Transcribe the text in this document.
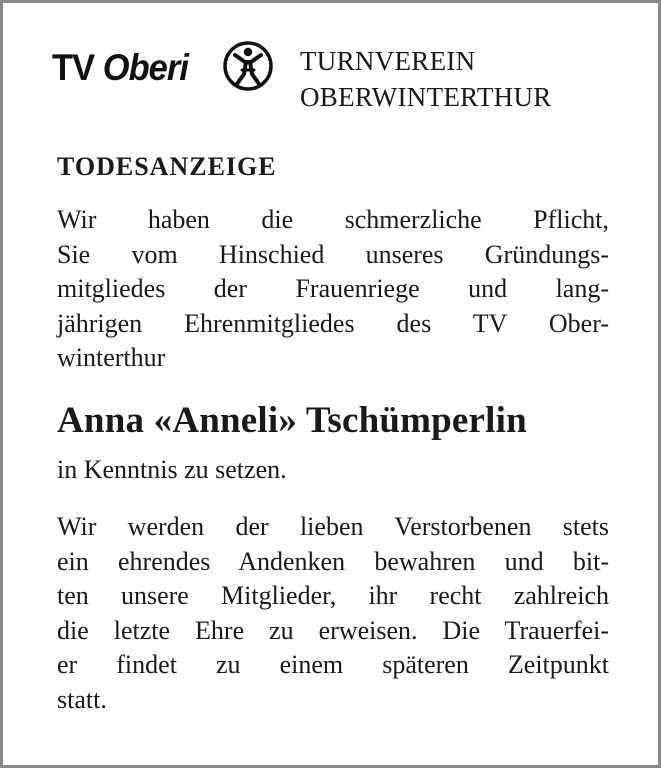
TV Oberi	TURNVEREIN
OBERWINTERTHUR
TODESANZEIGE
Wir haben die schmerzliche Pflicht,
Sie vom Hinschied unseres Gründungs-
mitgliedes der Frauenriege und lang-
jährigen Ehrenmitgliedes des TV Ober-
winterthur
Anna «Anneli» Tschümperlin
in Kenntnis zu setzen.
Wir werden der lieben Verstorbenen stets
ein ehrendes Andenken bewahren und bit-
ten unsere Mitglieder, ihr recht zahlreich
die letzte Ehre zu erweisen. Die Trauerfei-
er findet zu einem späteren Zeitpunkt
statt.
